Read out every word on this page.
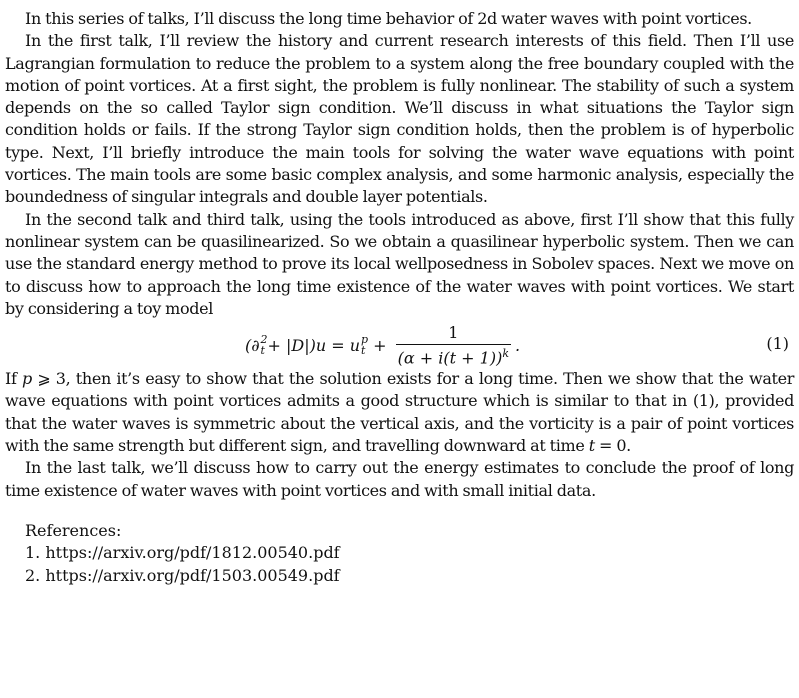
In this series of talks, I’ll discuss the long time behavior of 2d water waves with point vortices.

In the first talk, I’ll review the history and current research interests of this field. Then I’ll use Lagrangian formulation to reduce the problem to a system along the free boundary coupled with the motion of point vortices. At a first sight, the problem is fully nonlinear. The stability of such a system depends on the so called Taylor sign condition. We’ll discuss in what situations the Taylor sign condition holds or fails. If the strong Taylor sign condition holds, then the problem is of hyperbolic type. Next, I’ll briefly introduce the main tools for solving the water wave equations with point vortices. The main tools are some basic complex analysis, and some harmonic analysis, especially the boundedness of singular integrals and double layer potentials.

In the second talk and third talk, using the tools introduced as above, first I’ll show that this fully nonlinear system can be quasilinearized. So we obtain a quasilinear hyperbolic system. Then we can use the standard energy method to prove its local wellposedness in Sobolev spaces. Next we move on to discuss how to approach the long time existence of the water waves with point vortices. We start by considering a toy model

(∂ 2
t + |D|)u = u p
$t + \frac{1}{(\alpha + i(t + 1))^k}$ .	(1)

If p ⩾ 3, then it’s easy to show that the solution exists for a long time. Then we show that the water wave equations with point vortices admits a good structure which is similar to that in (1), provided that the water waves is symmetric about the vertical axis, and the vorticity is a pair of point vortices with the same strength but different sign, and travelling downward at time t = 0.

In the last talk, we’ll discuss how to carry out the energy estimates to conclude the proof of long time existence of water waves with point vortices and with small initial data.

References:
1. https://arxiv.org/pdf/1812.00540.pdf
2. https://arxiv.org/pdf/1503.00549.pdf
